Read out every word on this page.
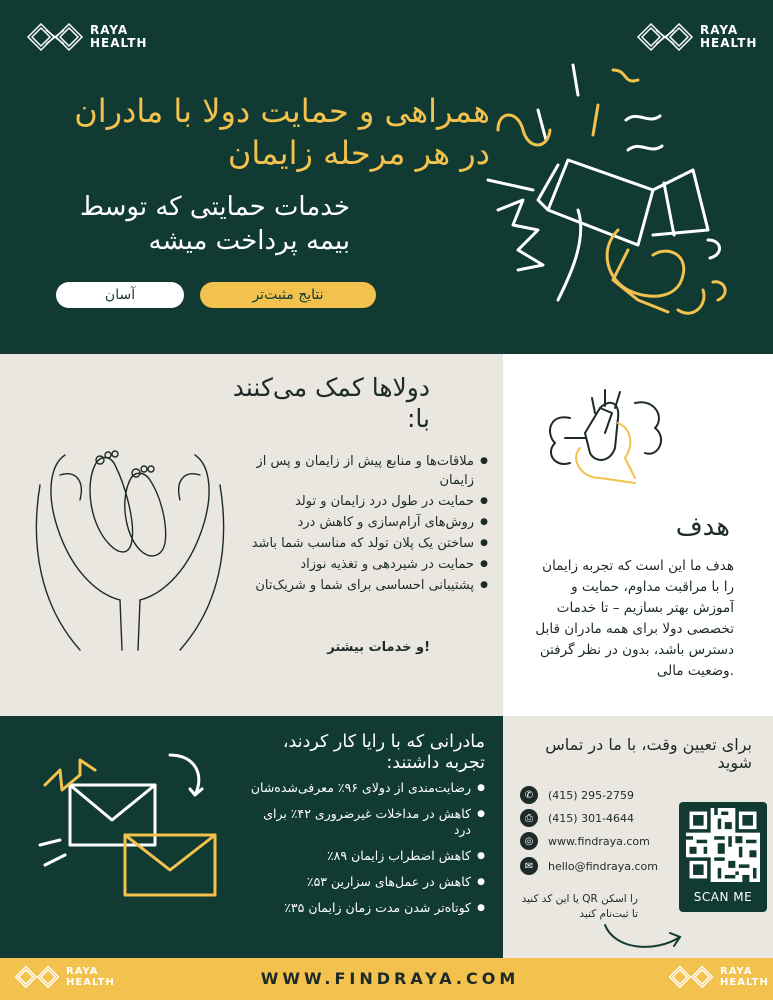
RAYA
HEALTH
RAYA
HEALTH
همراهی و حمایت دولا با مادران در هر مرحله زایمان
خدمات حمایتی که توسط بیمه پرداخت میشه
آسان	نتایج مثبت‌تر
دولاها کمک می‌کنند با:
● ملاقات‌ها و منابع پیش از زایمان و پس از زایمان
● حمایت در طول درد زایمان و تولد
● روش‌های آرام‌سازی و کاهش درد
● ساختن یک پلان تولد که مناسب شما باشد
● حمایت در شیردهی و تغذیه نوزاد
● پشتیبانی احساسی برای شما و شریک‌تان
!و خدمات بیشتر
هدف
هدف ما این است که تجربه زایمان را با مراقبت مداوم، حمایت و آموزش بهتر بسازیم – تا خدمات تخصصی دولا برای همه مادران قابل دسترس باشد، بدون در نظر گرفتن .وضعیت مالی
مادرانی که با رایا کار کردند، تجربه داشتند:
● رضایت‌مندی از دولای ۹۶٪ معرفی‌شده‌شان
● کاهش در مداخلات غیرضروری ۴۲٪ برای درد
● کاهش اضطراب زایمان ۸۹٪
● کاهش در عمل‌های سزارین ۵۳٪
● کوتاه‌تر شدن مدت زمان زایمان ۳۵٪
برای تعیین وقت، با ما در تماس شوید
✆	(415) 295-2759
⎙	(415) 301-4644
◎	www.findraya.com
✉	hello@findraya.com
SCAN ME
را اسکن QR یا این کد کنید تا ثبت‌نام کنید
RAYA
HEALTH	WWW.FINDRAYA.COM	RAYA
HEALTH
